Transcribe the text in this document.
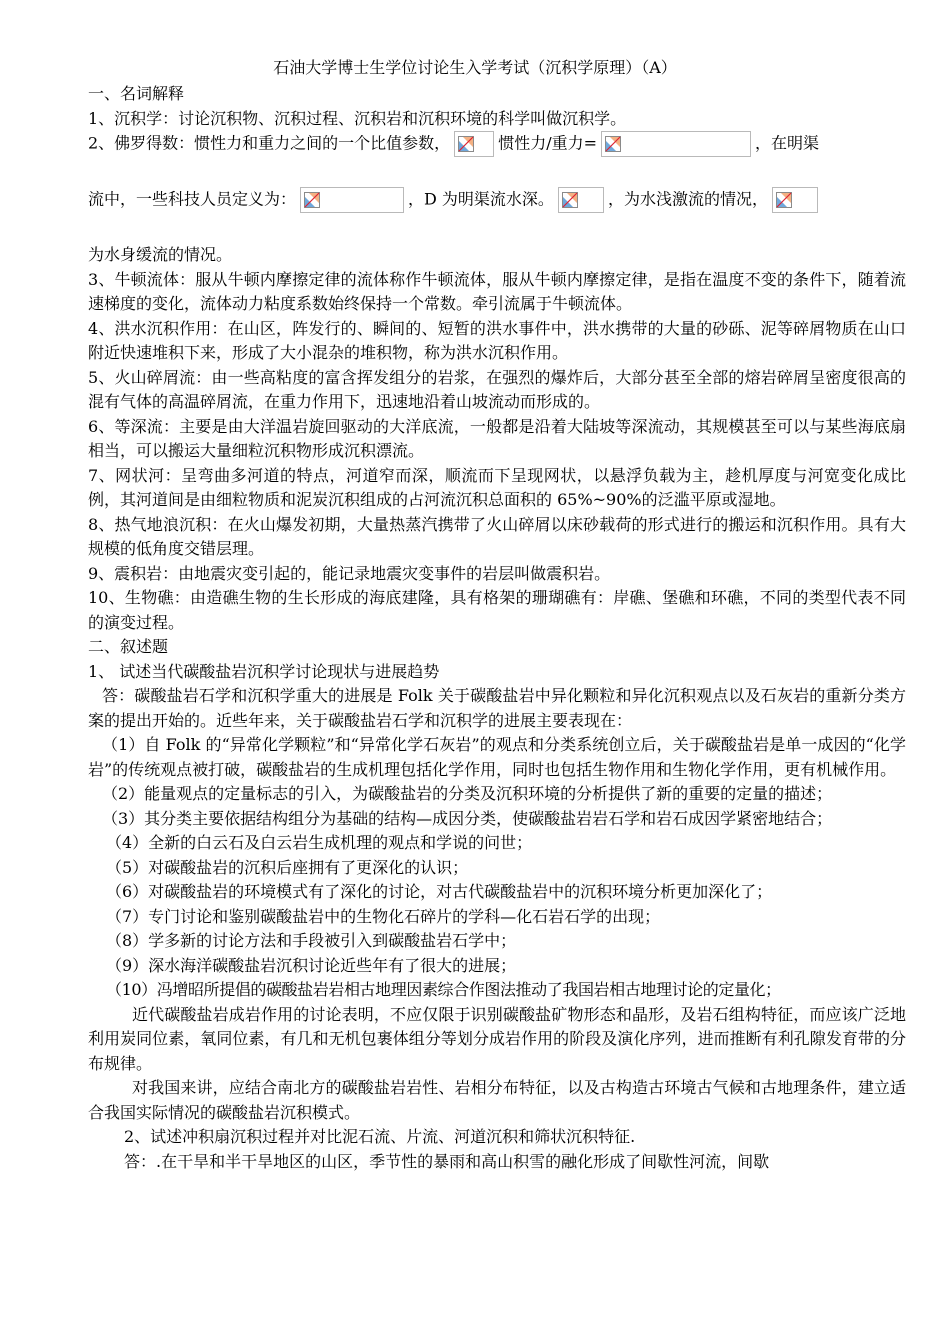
石油大学博士生学位讨论生入学考试（沉积学原理）（A）

一、名词解释

1、沉积学：讨论沉积物、沉积过程、沉积岩和沉积环境的科学叫做沉积学。

2、佛罗得数：惯性力和重力之间的一个比值参数，	惯性力/重力=	，在明渠
流中，一些科技人员定义为：	，D 为明渠流水深。	，为水浅激流的情况，

为水身缓流的情况。

3、牛顿流体：服从牛顿内摩擦定律的流体称作牛顿流体，服从牛顿内摩擦定律，是指在温度不变的条件下，随着流速梯度的变化，流体动力粘度系数始终保持一个常数。牵引流属于牛顿流体。

4、洪水沉积作用：在山区，阵发行的、瞬间的、短暂的洪水事件中，洪水携带的大量的砂砾、泥等碎屑物质在山口附近快速堆积下来，形成了大小混杂的堆积物，称为洪水沉积作用。

5、火山碎屑流：由一些高粘度的富含挥发组分的岩浆，在强烈的爆炸后，大部分甚至全部的熔岩碎屑呈密度很高的混有气体的高温碎屑流，在重力作用下，迅速地沿着山坡流动而形成的。

6、等深流：主要是由大洋温岩旋回驱动的大洋底流，一般都是沿着大陆坡等深流动，其规模甚至可以与某些海底扇相当，可以搬运大量细粒沉积物形成沉积漂流。

7、网状河：呈弯曲多河道的特点，河道窄而深，顺流而下呈现网状，以悬浮负载为主，趁机厚度与河宽变化成比例，其河道间是由细粒物质和泥炭沉积组成的占河流沉积总面积的 65%~90%的泛滥平原或湿地。

8、热气地浪沉积：在火山爆发初期，大量热蒸汽携带了火山碎屑以床砂载荷的形式进行的搬运和沉积作用。具有大规模的低角度交错层理。

9、震积岩：由地震灾变引起的，能记录地震灾变事件的岩层叫做震积岩。

10、生物礁：由造礁生物的生长形成的海底建隆，具有格架的珊瑚礁有：岸礁、堡礁和环礁，不同的类型代表不同的演变过程。

二、叙述题

1、 试述当代碳酸盐岩沉积学讨论现状与进展趋势

答：碳酸盐岩石学和沉积学重大的进展是 Folk 关于碳酸盐岩中异化颗粒和异化沉积观点以及石灰岩的重新分类方案的提出开始的。近些年来，关于碳酸盐岩石学和沉积学的进展主要表现在：

（1）自 Folk 的“异常化学颗粒”和“异常化学石灰岩”的观点和分类系统创立后，关于碳酸盐岩是单一成因的“化学岩”的传统观点被打破，碳酸盐岩的生成机理包括化学作用，同时也包括生物作用和生物化学作用，更有机械作用。

（2）能量观点的定量标志的引入，为碳酸盐岩的分类及沉积环境的分析提供了新的重要的定量的描述；

（3）其分类主要依据结构组分为基础的结构—成因分类，使碳酸盐岩岩石学和岩石成因学紧密地结合；

（4）全新的白云石及白云岩生成机理的观点和学说的问世；

（5）对碳酸盐岩的沉积后座拥有了更深化的认识；

（6）对碳酸盐岩的环境模式有了深化的讨论，对古代碳酸盐岩中的沉积环境分析更加深化了；

（7）专门讨论和鉴别碳酸盐岩中的生物化石碎片的学科—化石岩石学的出现；

（8）学多新的讨论方法和手段被引入到碳酸盐岩石学中；

（9）深水海洋碳酸盐岩沉积讨论近些年有了很大的进展；

（10）冯增昭所提倡的碳酸盐岩岩相古地理因素综合作图法推动了我国岩相古地理讨论的定量化；

近代碳酸盐岩成岩作用的讨论表明，不应仅限于识别碳酸盐矿物形态和晶形，及岩石组构特征，而应该广泛地利用炭同位素，氧同位素，有几和无机包裹体组分等划分成岩作用的阶段及演化序列，进而推断有利孔隙发育带的分布规律。

对我国来讲，应结合南北方的碳酸盐岩岩性、岩相分布特征，以及古构造古环境古气候和古地理条件，建立适合我国实际情况的碳酸盐岩沉积模式。

2、试述冲积扇沉积过程并对比泥石流、片流、河道沉积和筛状沉积特征.

答：.在干旱和半干旱地区的山区，季节性的暴雨和高山积雪的融化形成了间歇性河流，间歇
